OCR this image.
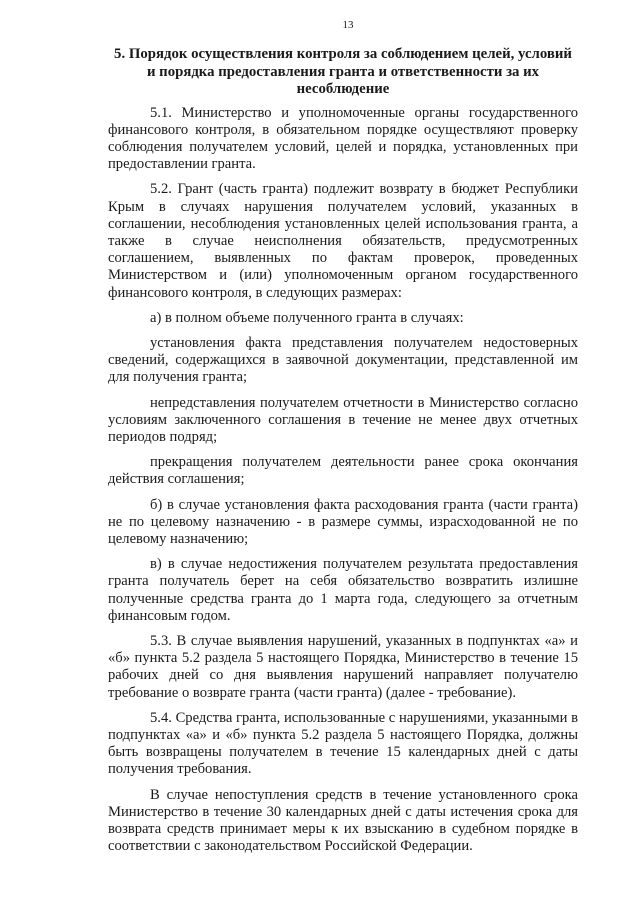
13
5. Порядок осуществления контроля за соблюдением целей, условий и порядка предоставления гранта и ответственности за их несоблюдение

5.1. Министерство и уполномоченные органы государственного финансового контроля, в обязательном порядке осуществляют проверку соблюдения получателем условий, целей и порядка, установленных при предоставлении гранта.

5.2. Грант (часть гранта) подлежит возврату в бюджет Республики Крым в случаях нарушения получателем условий, указанных в соглашении, несоблюдения установленных целей использования гранта, а также в случае неисполнения обязательств, предусмотренных соглашением, выявленных по фактам проверок, проведенных Министерством и (или) уполномоченным органом государственного финансового контроля, в следующих размерах:

а) в полном объеме полученного гранта в случаях:

установления факта представления получателем недостоверных сведений, содержащихся в заявочной документации, представленной им для получения гранта;

непредставления получателем отчетности в Министерство согласно условиям заключенного соглашения в течение не менее двух отчетных периодов подряд;

прекращения получателем деятельности ранее срока окончания действия соглашения;

б) в случае установления факта расходования гранта (части гранта) не по целевому назначению - в размере суммы, израсходованной не по целевому назначению;

в) в случае недостижения получателем результата предоставления гранта получатель берет на себя обязательство возвратить излишне полученные средства гранта до 1 марта года, следующего за отчетным финансовым годом.

5.3. В случае выявления нарушений, указанных в подпунктах «а» и «б» пункта 5.2 раздела 5 настоящего Порядка, Министерство в течение 15 рабочих дней со дня выявления нарушений направляет получателю требование о возврате гранта (части гранта) (далее - требование).

5.4. Средства гранта, использованные с нарушениями, указанными в подпунктах «а» и «б» пункта 5.2 раздела 5 настоящего Порядка, должны быть возвращены получателем в течение 15 календарных дней с даты получения требования.

В случае непоступления средств в течение установленного срока Министерство в течение 30 календарных дней с даты истечения срока для возврата средств принимает меры к их взысканию в судебном порядке в соответствии с законодательством Российской Федерации.
